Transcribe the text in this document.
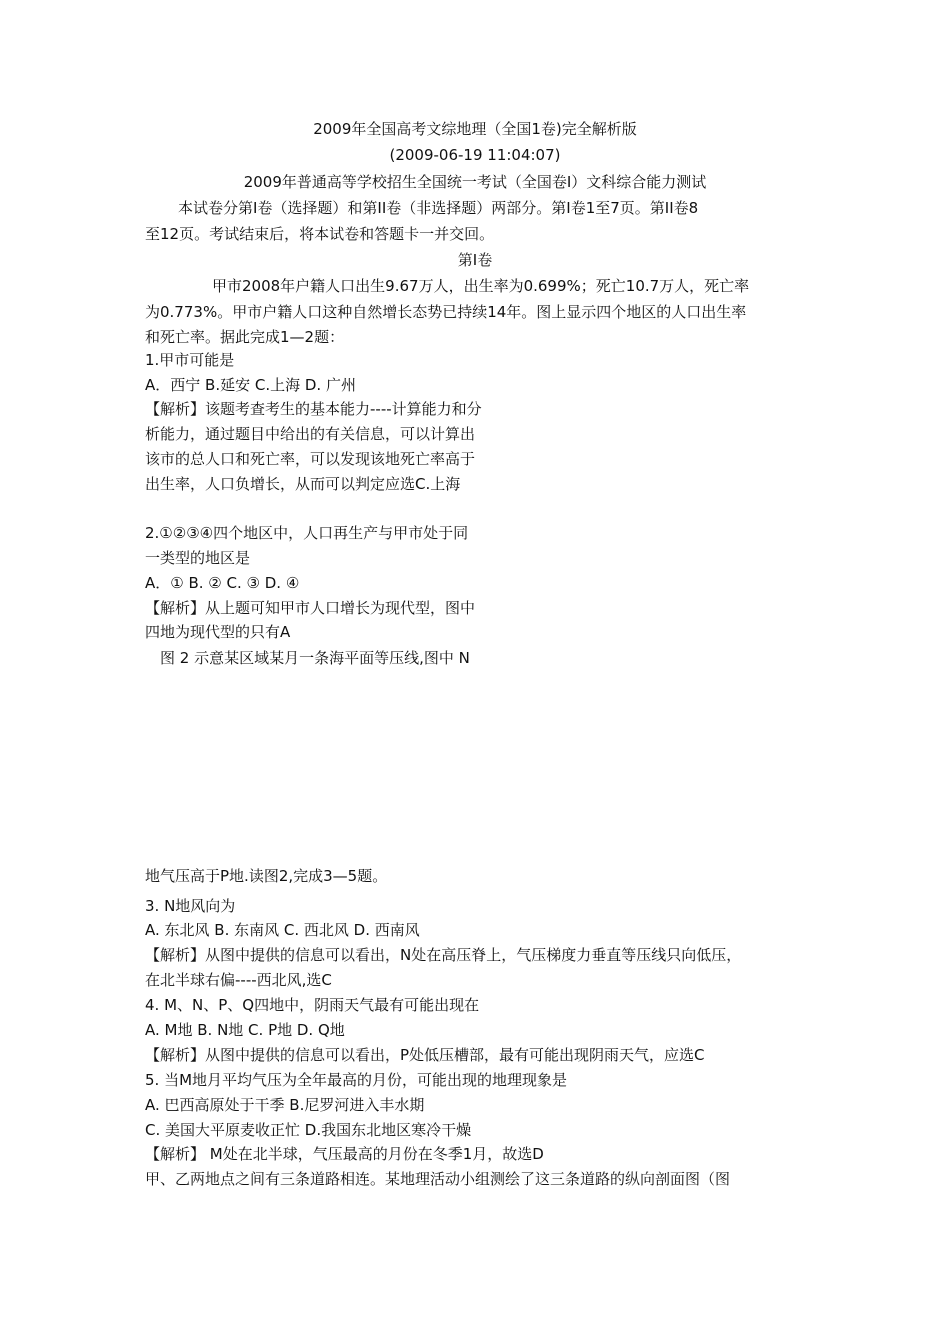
2009年全国高考文综地理（全国1卷)完全解析版
(2009-06-19 11:04:07)
2009年普通高等学校招生全国统一考试（全国卷I）文科综合能力测试
本试卷分第I卷（选择题）和第II卷（非选择题）两部分。第I卷1至7页。第II卷8
至12页。考试结束后，将本试卷和答题卡一并交回。
第I卷
甲市2008年户籍人口出生9.67万人，出生率为0.699%；死亡10.7万人，死亡率
为0.773%。甲市户籍人口这种自然增长态势已持续14年。图上显示四个地区的人口出生率
和死亡率。据此完成1—2题：
1.甲市可能是
A．西宁 B.延安 C.上海 D. 广州
【解析】该题考查考生的基本能力----计算能力和分
析能力，通过题目中给出的有关信息，可以计算出
该市的总人口和死亡率，可以发现该地死亡率高于
出生率，人口负增长，从而可以判定应选C.上海
2.①②③④四个地区中，人口再生产与甲市处于同
一类型的地区是
A．① B. ② C. ③ D. ④
【解析】从上题可知甲市人口增长为现代型，图中
四地为现代型的只有A
图 2 示意某区域某月一条海平面等压线,图中 N
地气压高于P地.读图2,完成3—5题。
3. N地风向为
A. 东北风 B. 东南风 C. 西北风 D. 西南风
【解析】从图中提供的信息可以看出，N处在高压脊上，气压梯度力垂直等压线只向低压，
在北半球右偏----西北风,选C
4. M、N、P、Q四地中，阴雨天气最有可能出现在
A. M地 B. N地 C. P地 D. Q地
【解析】从图中提供的信息可以看出，P处低压槽部，最有可能出现阴雨天气，应选C
5. 当M地月平均气压为全年最高的月份，可能出现的地理现象是
A. 巴西高原处于干季 B.尼罗河进入丰水期
C. 美国大平原麦收正忙 D.我国东北地区寒冷干燥
【解析】 M处在北半球，气压最高的月份在冬季1月，故选D
甲、乙两地点之间有三条道路相连。某地理活动小组测绘了这三条道路的纵向剖面图（图
